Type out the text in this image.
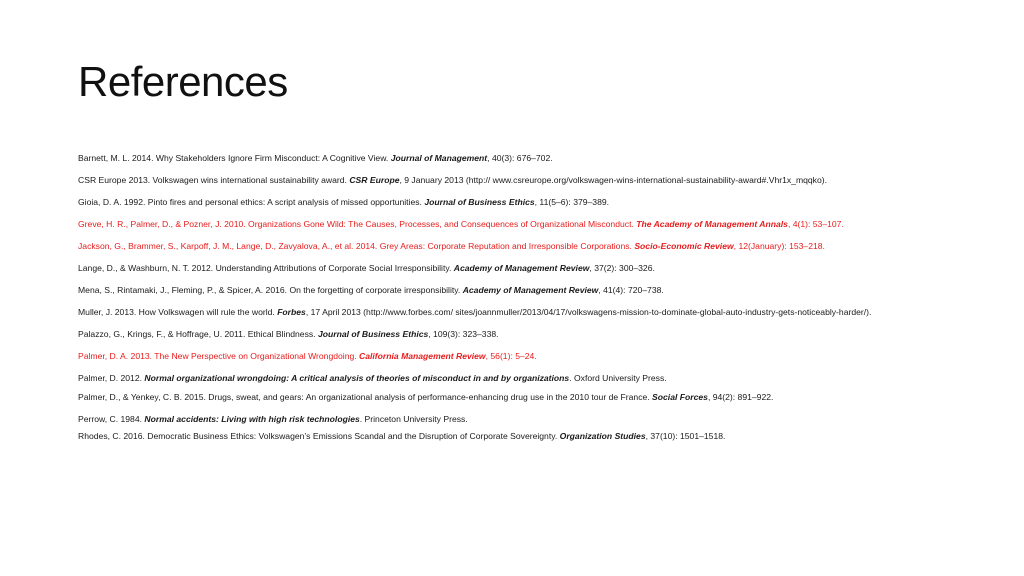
References
Barnett, M. L. 2014. Why Stakeholders Ignore Firm Misconduct: A Cognitive View. Journal of Management, 40(3): 676–702.
CSR Europe 2013. Volkswagen wins international sustainability award. CSR Europe, 9 January 2013 (http:// www.csreurope.org/volkswagen-wins-international-sustainability-award#.Vhr1x_mqqko).
Gioia, D. A. 1992. Pinto fires and personal ethics: A script analysis of missed opportunities. Journal of Business Ethics, 11(5–6): 379–389.
Greve, H. R., Palmer, D., & Pozner, J. 2010. Organizations Gone Wild: The Causes, Processes, and Consequences of Organizational Misconduct. The Academy of Management Annals, 4(1): 53–107.
Jackson, G., Brammer, S., Karpoff, J. M., Lange, D., Zavyalova, A., et al. 2014. Grey Areas: Corporate Reputation and Irresponsible Corporations. Socio-Economic Review, 12(January): 153–218.
Lange, D., & Washburn, N. T. 2012. Understanding Attributions of Corporate Social Irresponsibility. Academy of Management Review, 37(2): 300–326.
Mena, S., Rintamaki, J., Fleming, P., & Spicer, A. 2016. On the forgetting of corporate irresponsibility. Academy of Management Review, 41(4): 720–738.
Muller, J. 2013. How Volkswagen will rule the world. Forbes, 17 April 2013 (http://www.forbes.com/ sites/joannmuller/2013/04/17/volkswagens-mission-to-dominate-global-auto-industry-gets-noticeably-harder/).
Palazzo, G., Krings, F., & Hoffrage, U. 2011. Ethical Blindness. Journal of Business Ethics, 109(3): 323–338.
Palmer, D. A. 2013. The New Perspective on Organizational Wrongdoing. California Management Review, 56(1): 5–24.
Palmer, D. 2012. Normal organizational wrongdoing: A critical analysis of theories of misconduct in and by organizations. Oxford University Press.
Palmer, D., & Yenkey, C. B. 2015. Drugs, sweat, and gears: An organizational analysis of performance-enhancing drug use in the 2010 tour de France. Social Forces, 94(2): 891–922.
Perrow, C. 1984. Normal accidents: Living with high risk technologies. Princeton University Press.
Rhodes, C. 2016. Democratic Business Ethics: Volkswagen’s Emissions Scandal and the Disruption of Corporate Sovereignty. Organization Studies, 37(10): 1501–1518.
